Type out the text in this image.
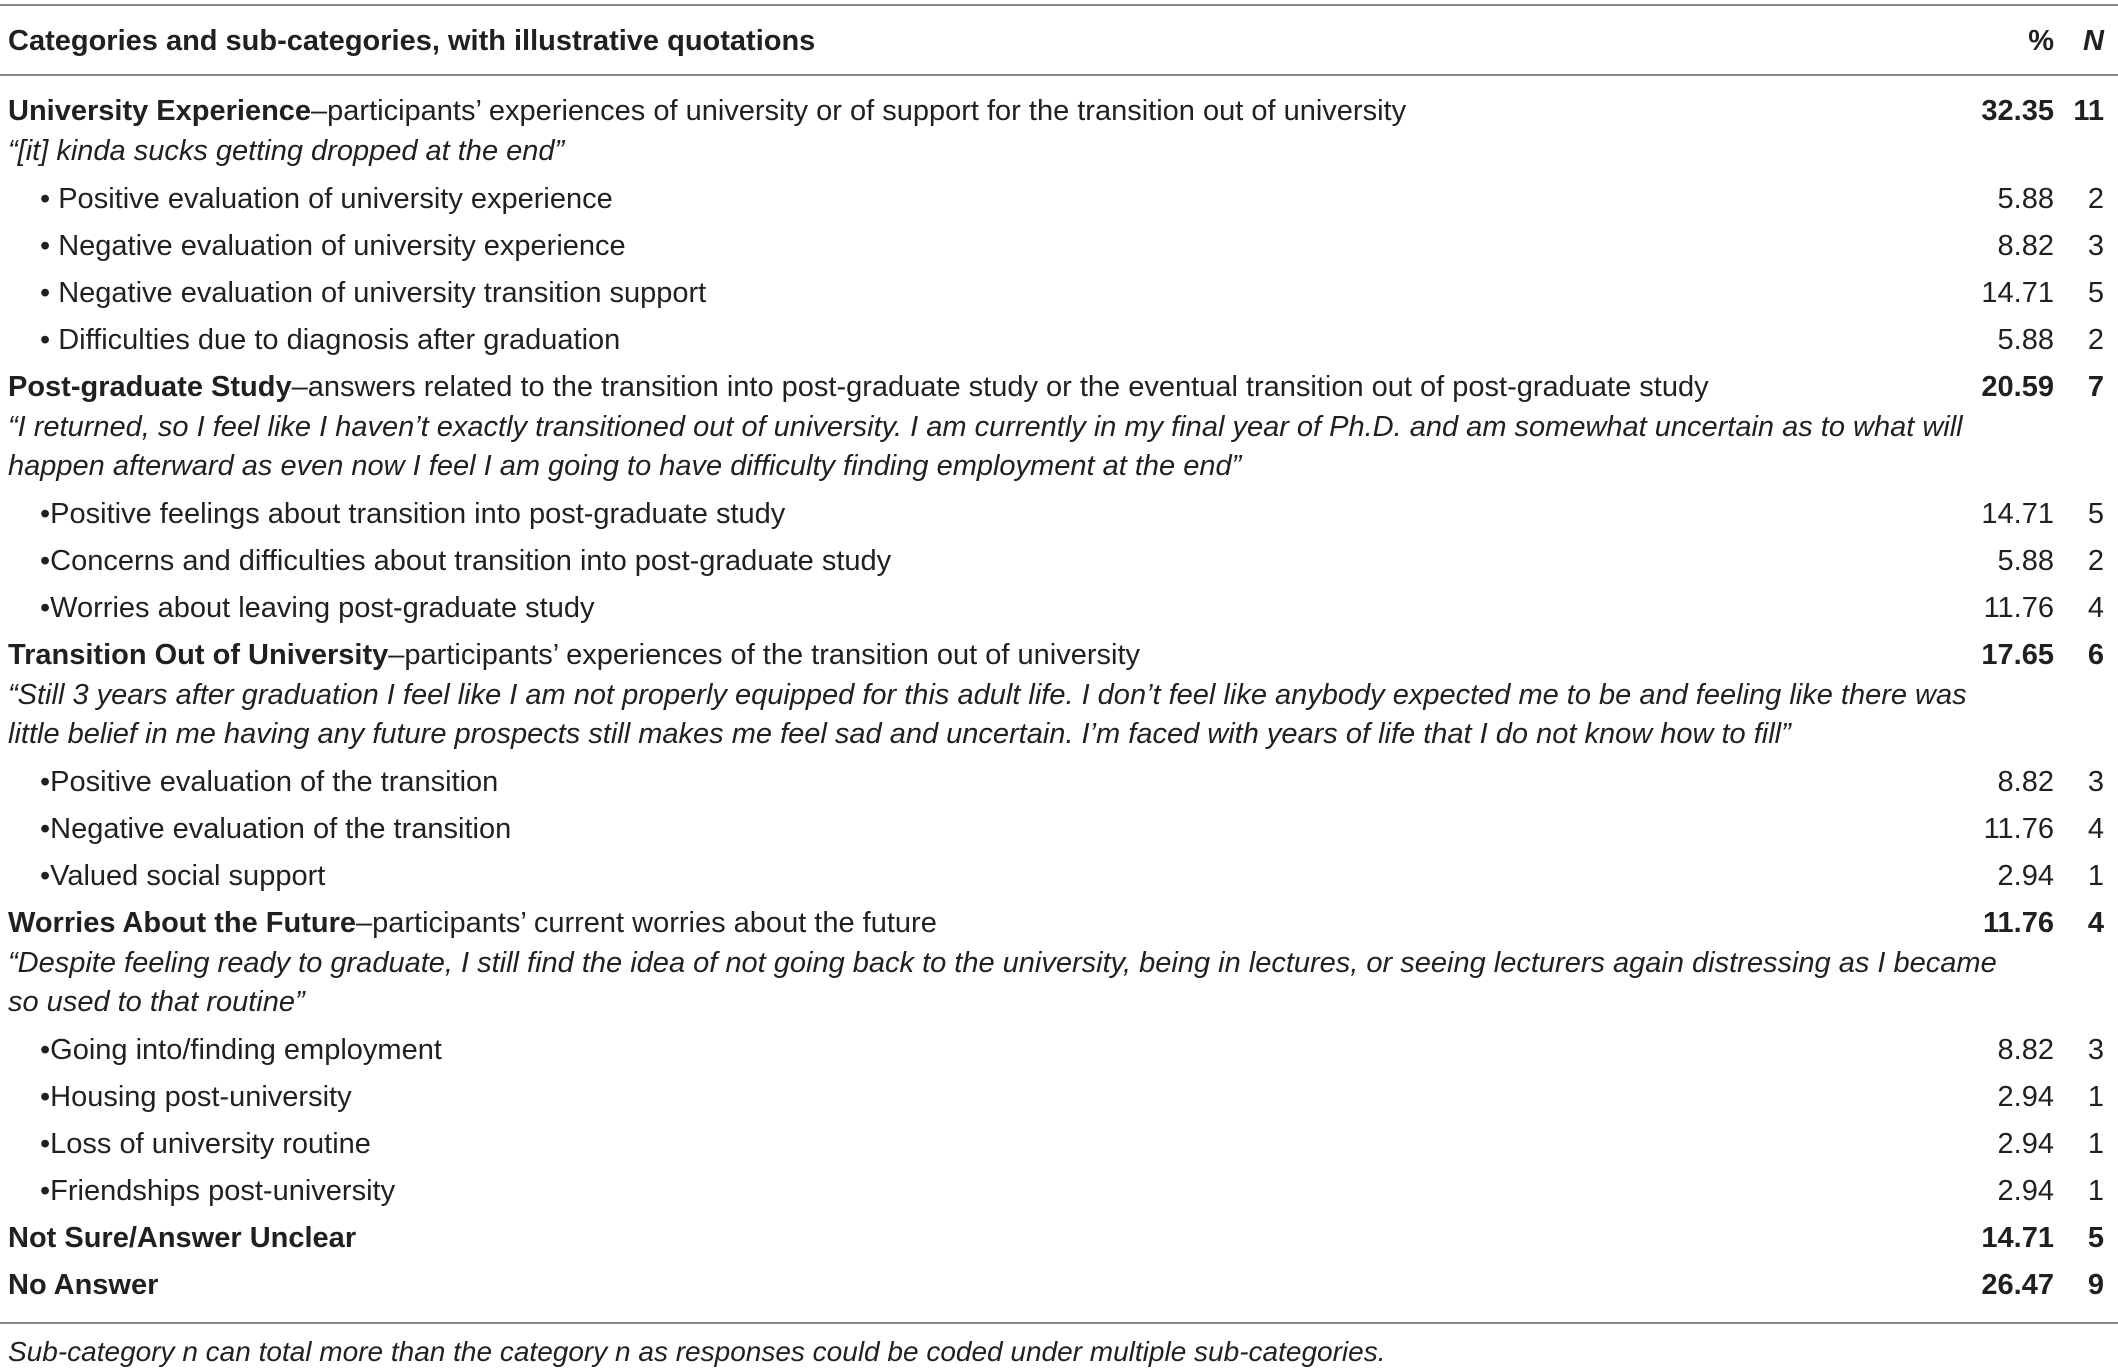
Categories and sub-categories, with illustrative quotations	% N
University Experience–participants’ experiences of university or of support for the transition out of university	32.35 11
“[it] kinda sucks getting dropped at the end”
• Positive evaluation of university experience	5.88 2
• Negative evaluation of university experience	8.82 3
• Negative evaluation of university transition support	14.71 5
• Difficulties due to diagnosis after graduation	5.88 2
Post-graduate Study–answers related to the transition into post-graduate study or the eventual transition out of post-graduate study	20.59 7
“I returned, so I feel like I haven’t exactly transitioned out of university. I am currently in my final year of Ph.D. and am somewhat uncertain as to what will
happen afterward as even now I feel I am going to have difficulty finding employment at the end”
•Positive feelings about transition into post-graduate study	14.71 5
•Concerns and difficulties about transition into post-graduate study	5.88 2
•Worries about leaving post-graduate study	11.76 4
Transition Out of University–participants’ experiences of the transition out of university	17.65 6
“Still 3 years after graduation I feel like I am not properly equipped for this adult life. I don’t feel like anybody expected me to be and feeling like there was
little belief in me having any future prospects still makes me feel sad and uncertain. I’m faced with years of life that I do not know how to fill”
•Positive evaluation of the transition	8.82 3
•Negative evaluation of the transition	11.76 4
•Valued social support	2.94 1
Worries About the Future–participants’ current worries about the future	11.76 4
“Despite feeling ready to graduate, I still find the idea of not going back to the university, being in lectures, or seeing lecturers again distressing as I became
so used to that routine”
•Going into/finding employment	8.82 3
•Housing post-university	2.94 1
•Loss of university routine	2.94 1
•Friendships post-university	2.94 1
Not Sure/Answer Unclear	14.71 5
No Answer	26.47 9
Sub-category n can total more than the category n as responses could be coded under multiple sub-categories.
